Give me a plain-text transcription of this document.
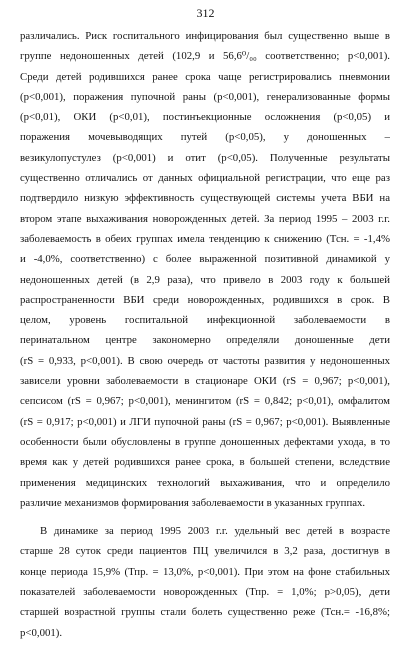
312
различались. Риск госпитального инфицирования был существенно выше в
группе недоношенных детей (102,9 и 56,6⁰/₀₀ соответственно; p<0,001).
Среди детей родившихся ранее срока чаще регистрировались пневмонии
(p<0,001), поражения пупочной раны (p<0,001), генерализованные формы
(p<0,01), ОКИ (p<0,01), постинъекционные осложнения (p<0,05) и
поражения мочевыводящих путей (p<0,05), у доношенных –
везикулопустулез (p<0,001) и отит (p<0,05). Полученные результаты
существенно отличались от данных официальной регистрации, что еще раз
подтвердило низкую эффективность существующей системы учета ВБИ на
втором этапе выхаживания новорожденных детей. За период 1995 – 2003 г.г.
заболеваемость в обеих группах имела тенденцию к снижению (Тсн. = -1,4%
и -4,0%, соответственно) с более выраженной позитивной динамикой у
недоношенных детей (в 2,9 раза), что привело в 2003 году к большей
распространенности ВБИ среди новорожденных, родившихся в срок. В
целом, уровень госпитальной инфекционной заболеваемости в
перинатальном центре закономерно определяли доношенные дети
(rS = 0,933, p<0,001). В свою очередь от частоты развития у недоношенных
зависели уровни заболеваемости в стационаре ОКИ (rS = 0,967; p<0,001),
сепсисом (rS = 0,967; p<0,001), менингитом (rS = 0,842; p<0,01), омфалитом
(rS = 0,917; p<0,001) и ЛГИ пупочной раны (rS = 0,967; p<0,001). Выявленные
особенности были обусловлены в группе доношенных дефектами ухода, в то
время как у детей родившихся ранее срока, в большей степени, вследствие
применения медицинских технологий выхаживания, что и определило
различие механизмов формирования заболеваемости в указанных группах.
В динамике за период 1995 2003 г.г. удельный вес детей в возрасте
старше 28 суток среди пациентов ПЦ увеличился в 3,2 раза, достигнув в
конце периода 15,9% (Тпр. = 13,0%, p<0,001). При этом на фоне стабильных
показателей заболеваемости новорожденных (Тпр. = 1,0%; p>0,05), дети
старшей возрастной группы стали болеть существенно реже (Тсн.= -16,8%;
p<0,001).
